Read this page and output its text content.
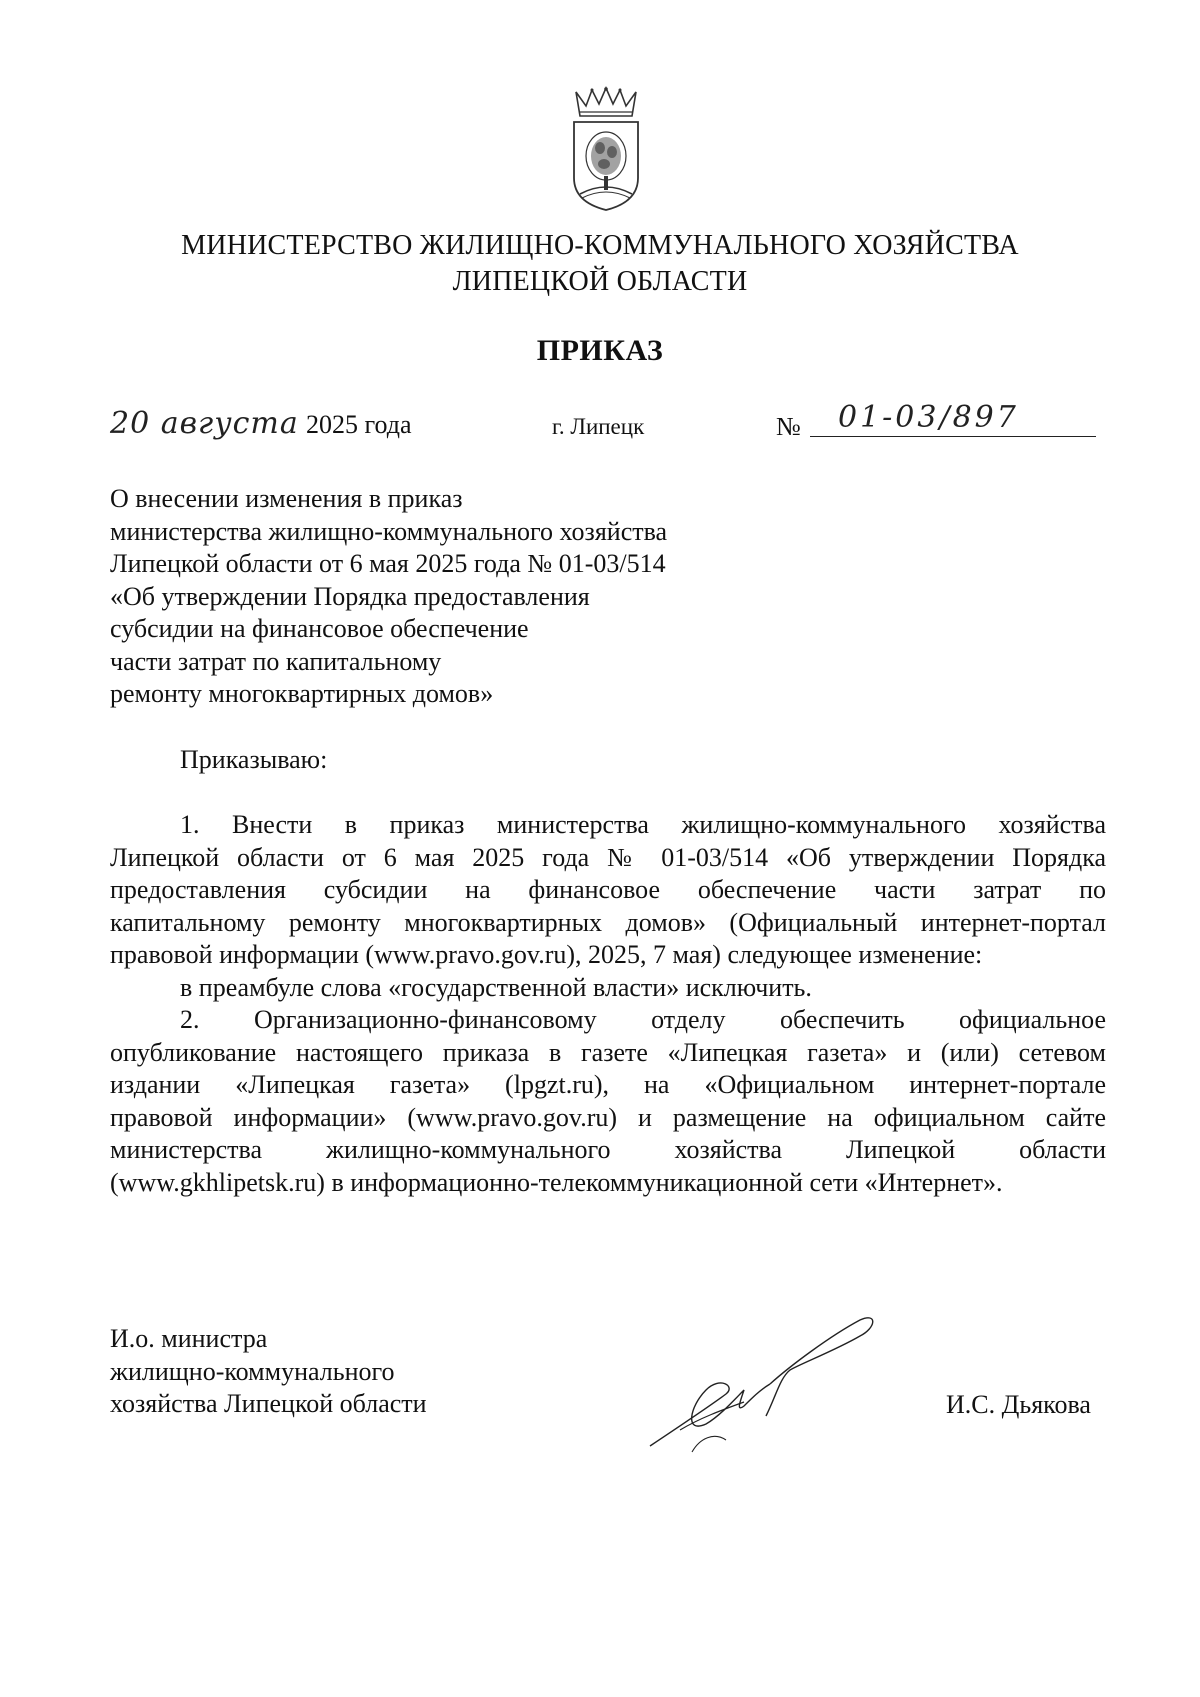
МИНИСТЕРСТВО ЖИЛИЩНО-КОММУНАЛЬНОГО ХОЗЯЙСТВА
ЛИПЕЦКОЙ ОБЛАСТИ
ПРИКАЗ
20 августа 2025 года	г. Липецк	№ 01-03/897
О внесении изменения в приказ
министерства жилищно-коммунального хозяйства
Липецкой области от 6 мая 2025 года № 01-03/514
«Об утверждении Порядка предоставления
субсидии на финансовое обеспечение
части затрат по капитальному
ремонту многоквартирных домов»
Приказываю:
1. Внести в приказ министерства жилищно-коммунального хозяйства
Липецкой области от 6 мая 2025 года № 01-03/514 «Об утверждении Порядка
предоставления субсидии на финансовое обеспечение части затрат по
капитальному ремонту многоквартирных домов» (Официальный интернет-портал
правовой информации (www.pravo.gov.ru), 2025, 7 мая) следующее изменение:
в преамбуле слова «государственной власти» исключить.
2. Организационно-финансовому отделу обеспечить официальное
опубликование настоящего приказа в газете «Липецкая газета» и (или) сетевом
издании «Липецкая газета» (lpgzt.ru), на «Официальном интернет-портале
правовой информации» (www.pravo.gov.ru) и размещение на официальном сайте
министерства жилищно-коммунального хозяйства Липецкой области
(www.gkhlipetsk.ru) в информационно-телекоммуникационной сети «Интернет».
И.о. министра
жилищно-коммунального
хозяйства Липецкой области	И.С. Дьякова
